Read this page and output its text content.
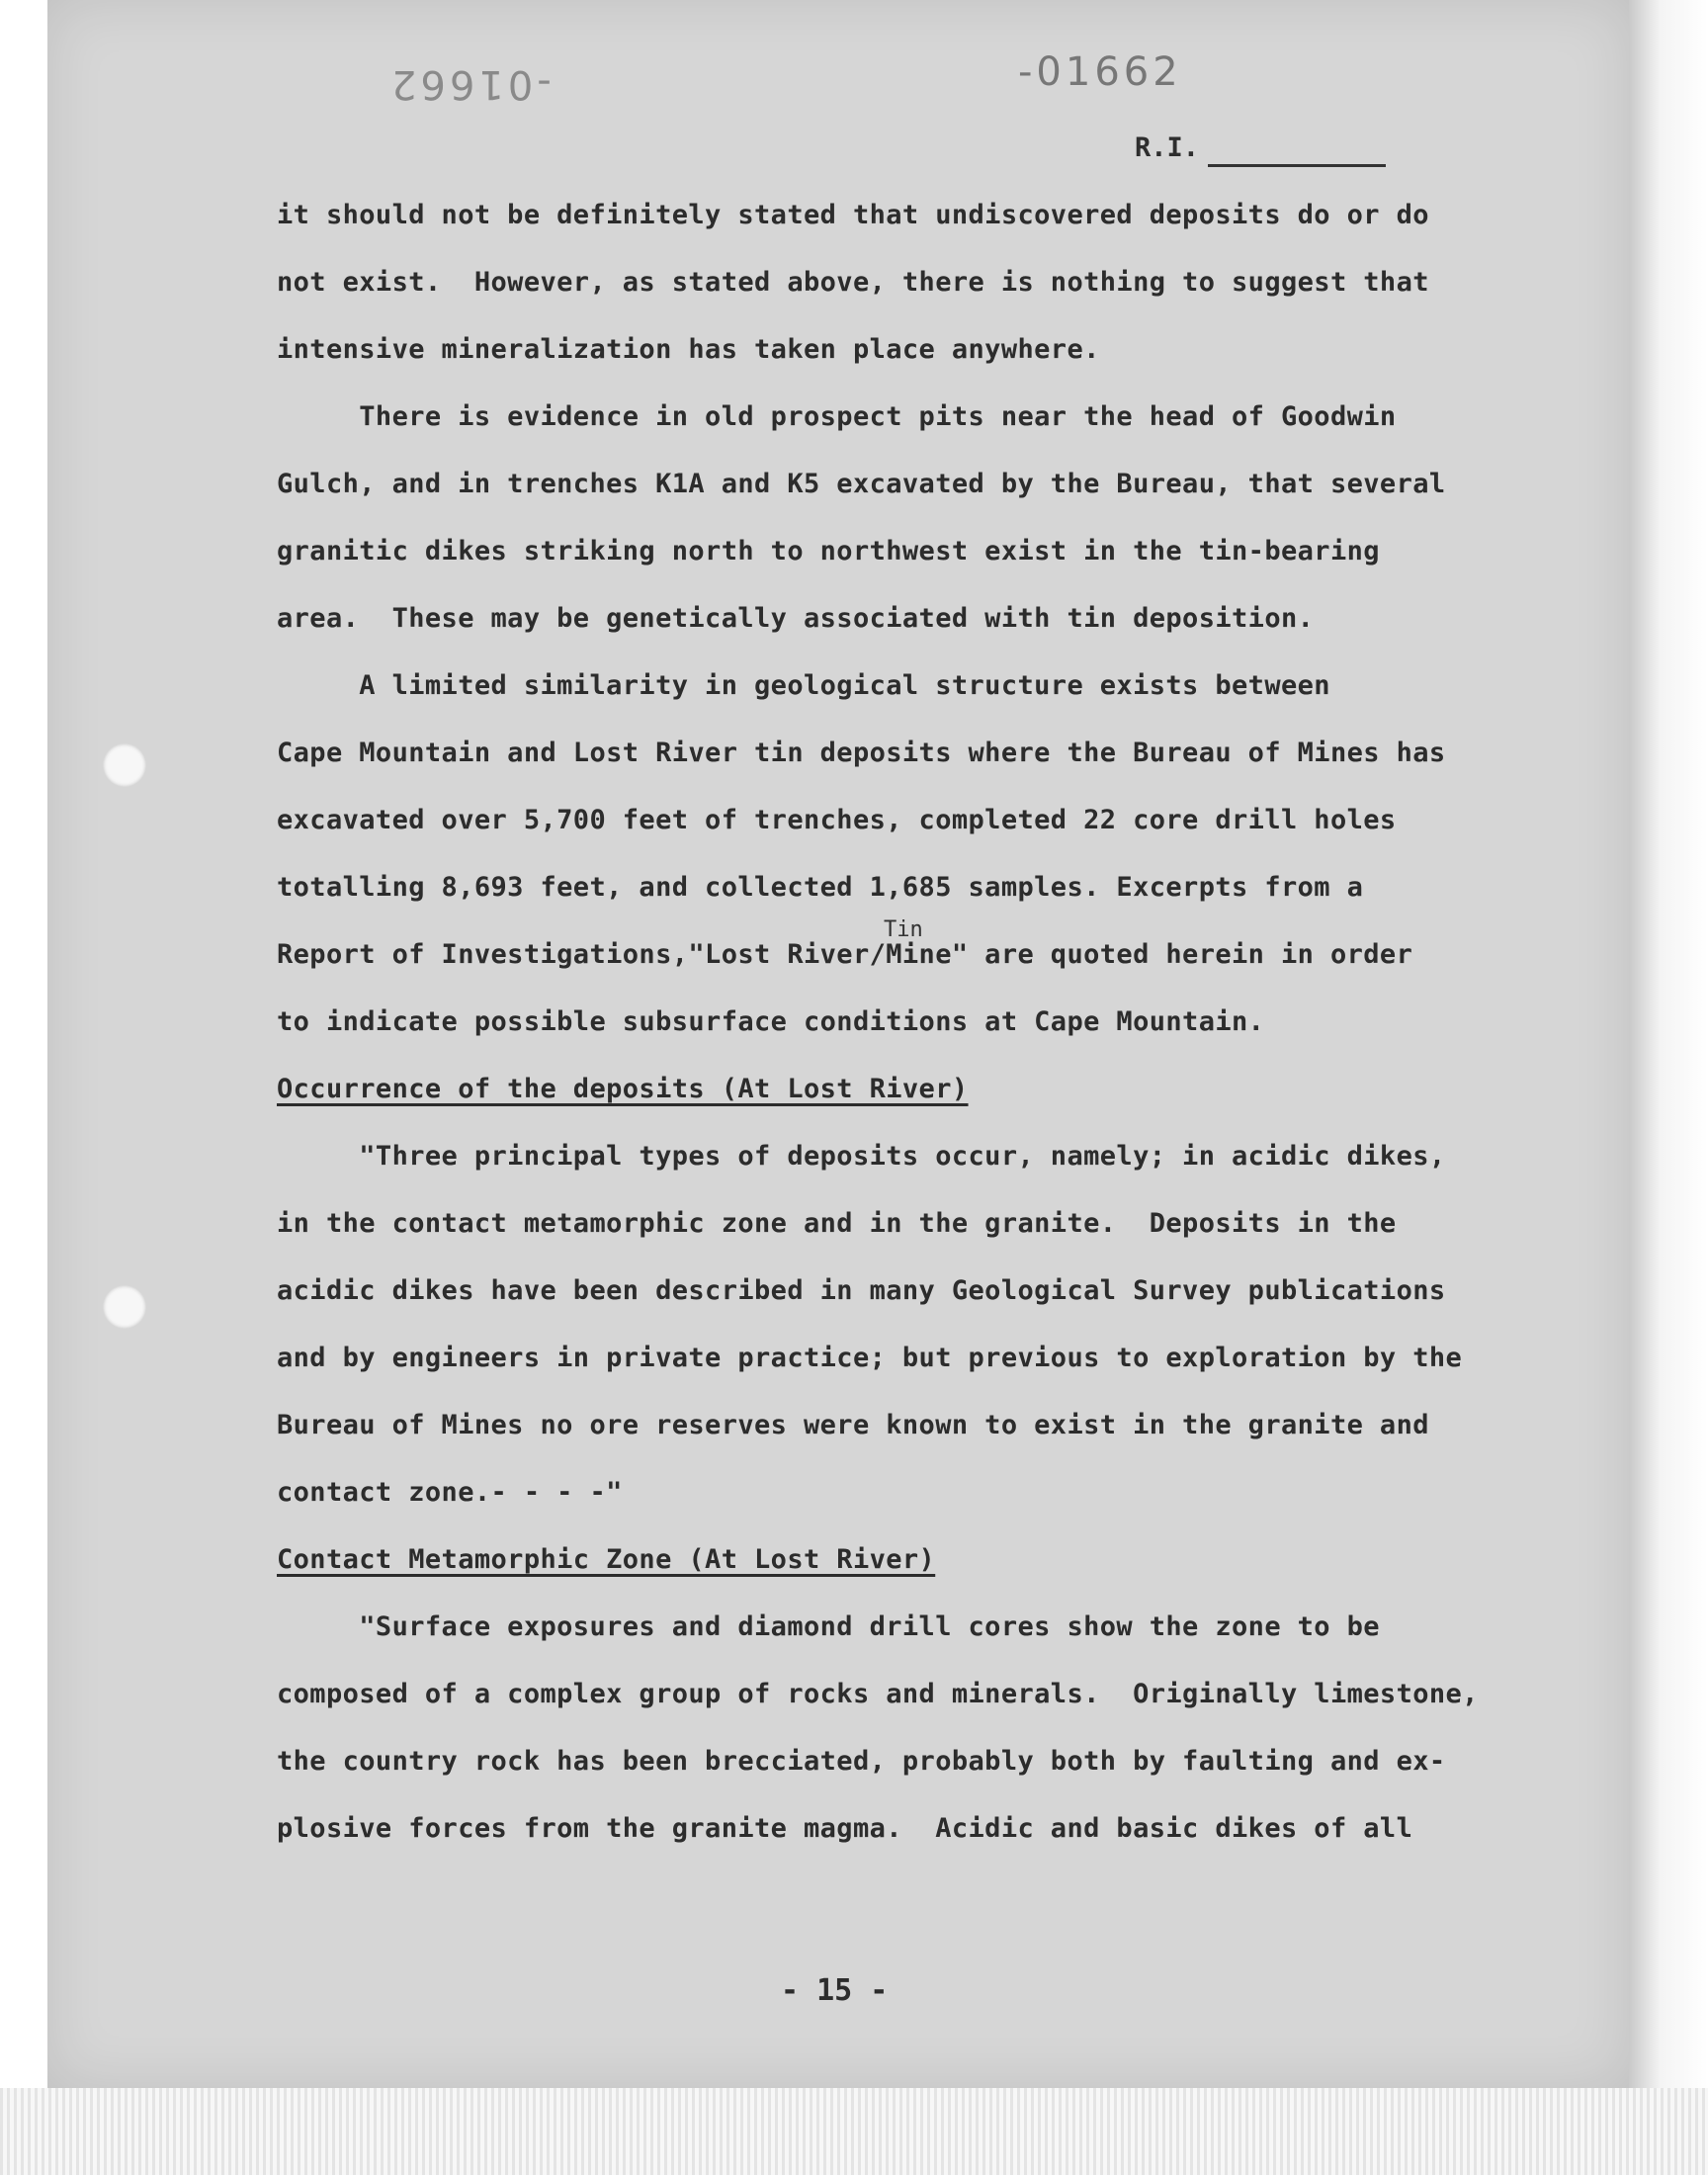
-01662	-01662
R.I.
it should not be definitely stated that undiscovered deposits do or do
not exist.  However, as stated above, there is nothing to suggest that
intensive mineralization has taken place anywhere.
There is evidence in old prospect pits near the head of Goodwin
Gulch, and in trenches K1A and K5 excavated by the Bureau, that several
granitic dikes striking north to northwest exist in the tin-bearing
area.  These may be genetically associated with tin deposition.
A limited similarity in geological structure exists between
Cape Mountain and Lost River tin deposits where the Bureau of Mines has
excavated over 5,700 feet of trenches, completed 22 core drill holes
totalling 8,693 feet, and collected 1,685 samples. Excerpts from a
Tin
Report of Investigations,"Lost River/Mine" are quoted herein in order
to indicate possible subsurface conditions at Cape Mountain.
Occurrence of the deposits (At Lost River)
"Three principal types of deposits occur, namely; in acidic dikes,
in the contact metamorphic zone and in the granite.  Deposits in the
acidic dikes have been described in many Geological Survey publications
and by engineers in private practice; but previous to exploration by the
Bureau of Mines no ore reserves were known to exist in the granite and
contact zone.- - - -"
Contact Metamorphic Zone (At Lost River)
"Surface exposures and diamond drill cores show the zone to be
composed of a complex group of rocks and minerals.  Originally limestone,
the country rock has been brecciated, probably both by faulting and ex-
plosive forces from the granite magma.  Acidic and basic dikes of all
- 15 -
